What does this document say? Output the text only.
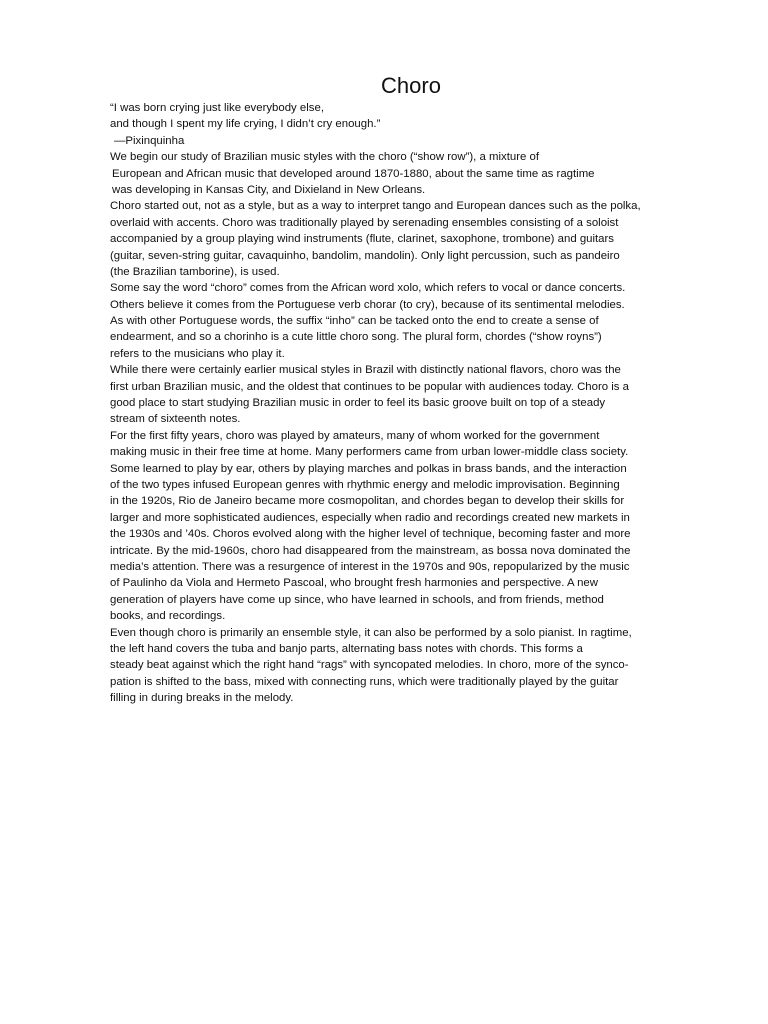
Choro
“I was born crying just like everybody else,
and though I spent my life crying, I didn’t cry enough.”
—Pixinquinha
We begin our study of Brazilian music styles with the choro (“show row”), a mixture of
European and African music that developed around 1870-1880, about the same time as ragtime
was developing in Kansas City, and Dixieland in New Orleans.
Choro started out, not as a style, but as a way to interpret tango and European dances such as the polka,
overlaid with accents. Choro was traditionally played by serenading ensembles consisting of a soloist
accompanied by a group playing wind instruments (flute, clarinet, saxophone, trombone) and guitars
(guitar, seven-string guitar, cavaquinho, bandolim, mandolin). Only light percussion, such as pandeiro
(the Brazilian tamborine), is used.
Some say the word “choro” comes from the African word xolo, which refers to vocal or dance concerts.
Others believe it comes from the Portuguese verb chorar (to cry), because of its sentimental melodies.
As with other Portuguese words, the suffix “inho” can be tacked onto the end to create a sense of
endearment, and so a chorinho is a cute little choro song. The plural form, chordes (“show royns”)
refers to the musicians who play it.
While there were certainly earlier musical styles in Brazil with distinctly national flavors, choro was the
first urban Brazilian music, and the oldest that continues to be popular with audiences today. Choro is a
good place to start studying Brazilian music in order to feel its basic groove built on top of a steady
stream of sixteenth notes.
For the first fifty years, choro was played by amateurs, many of whom worked for the government
making music in their free time at home. Many performers came from urban lower-middle class society.
Some learned to play by ear, others by playing marches and polkas in brass bands, and the interaction
of the two types infused European genres with rhythmic energy and melodic improvisation. Beginning
in the 1920s, Rio de Janeiro became more cosmopolitan, and chordes began to develop their skills for
larger and more sophisticated audiences, especially when radio and recordings created new markets in
the 1930s and ’40s. Choros evolved along with the higher level of technique, becoming faster and more
intricate. By the mid-1960s, choro had disappeared from the mainstream, as bossa nova dominated the
media’s attention. There was a resurgence of interest in the 1970s and 90s, repopularized by the music
of Paulinho da Viola and Hermeto Pascoal, who brought fresh harmonies and perspective. A new
generation of players have come up since, who have learned in schools, and from friends, method
books, and recordings.
Even though choro is primarily an ensemble style, it can also be performed by a solo pianist. In ragtime,
the left hand covers the tuba and banjo parts, alternating bass notes with chords. This forms a
steady beat against which the right hand “rags” with syncopated melodies. In choro, more of the synco-
pation is shifted to the bass, mixed with connecting runs, which were traditionally played by the guitar
filling in during breaks in the melody.
